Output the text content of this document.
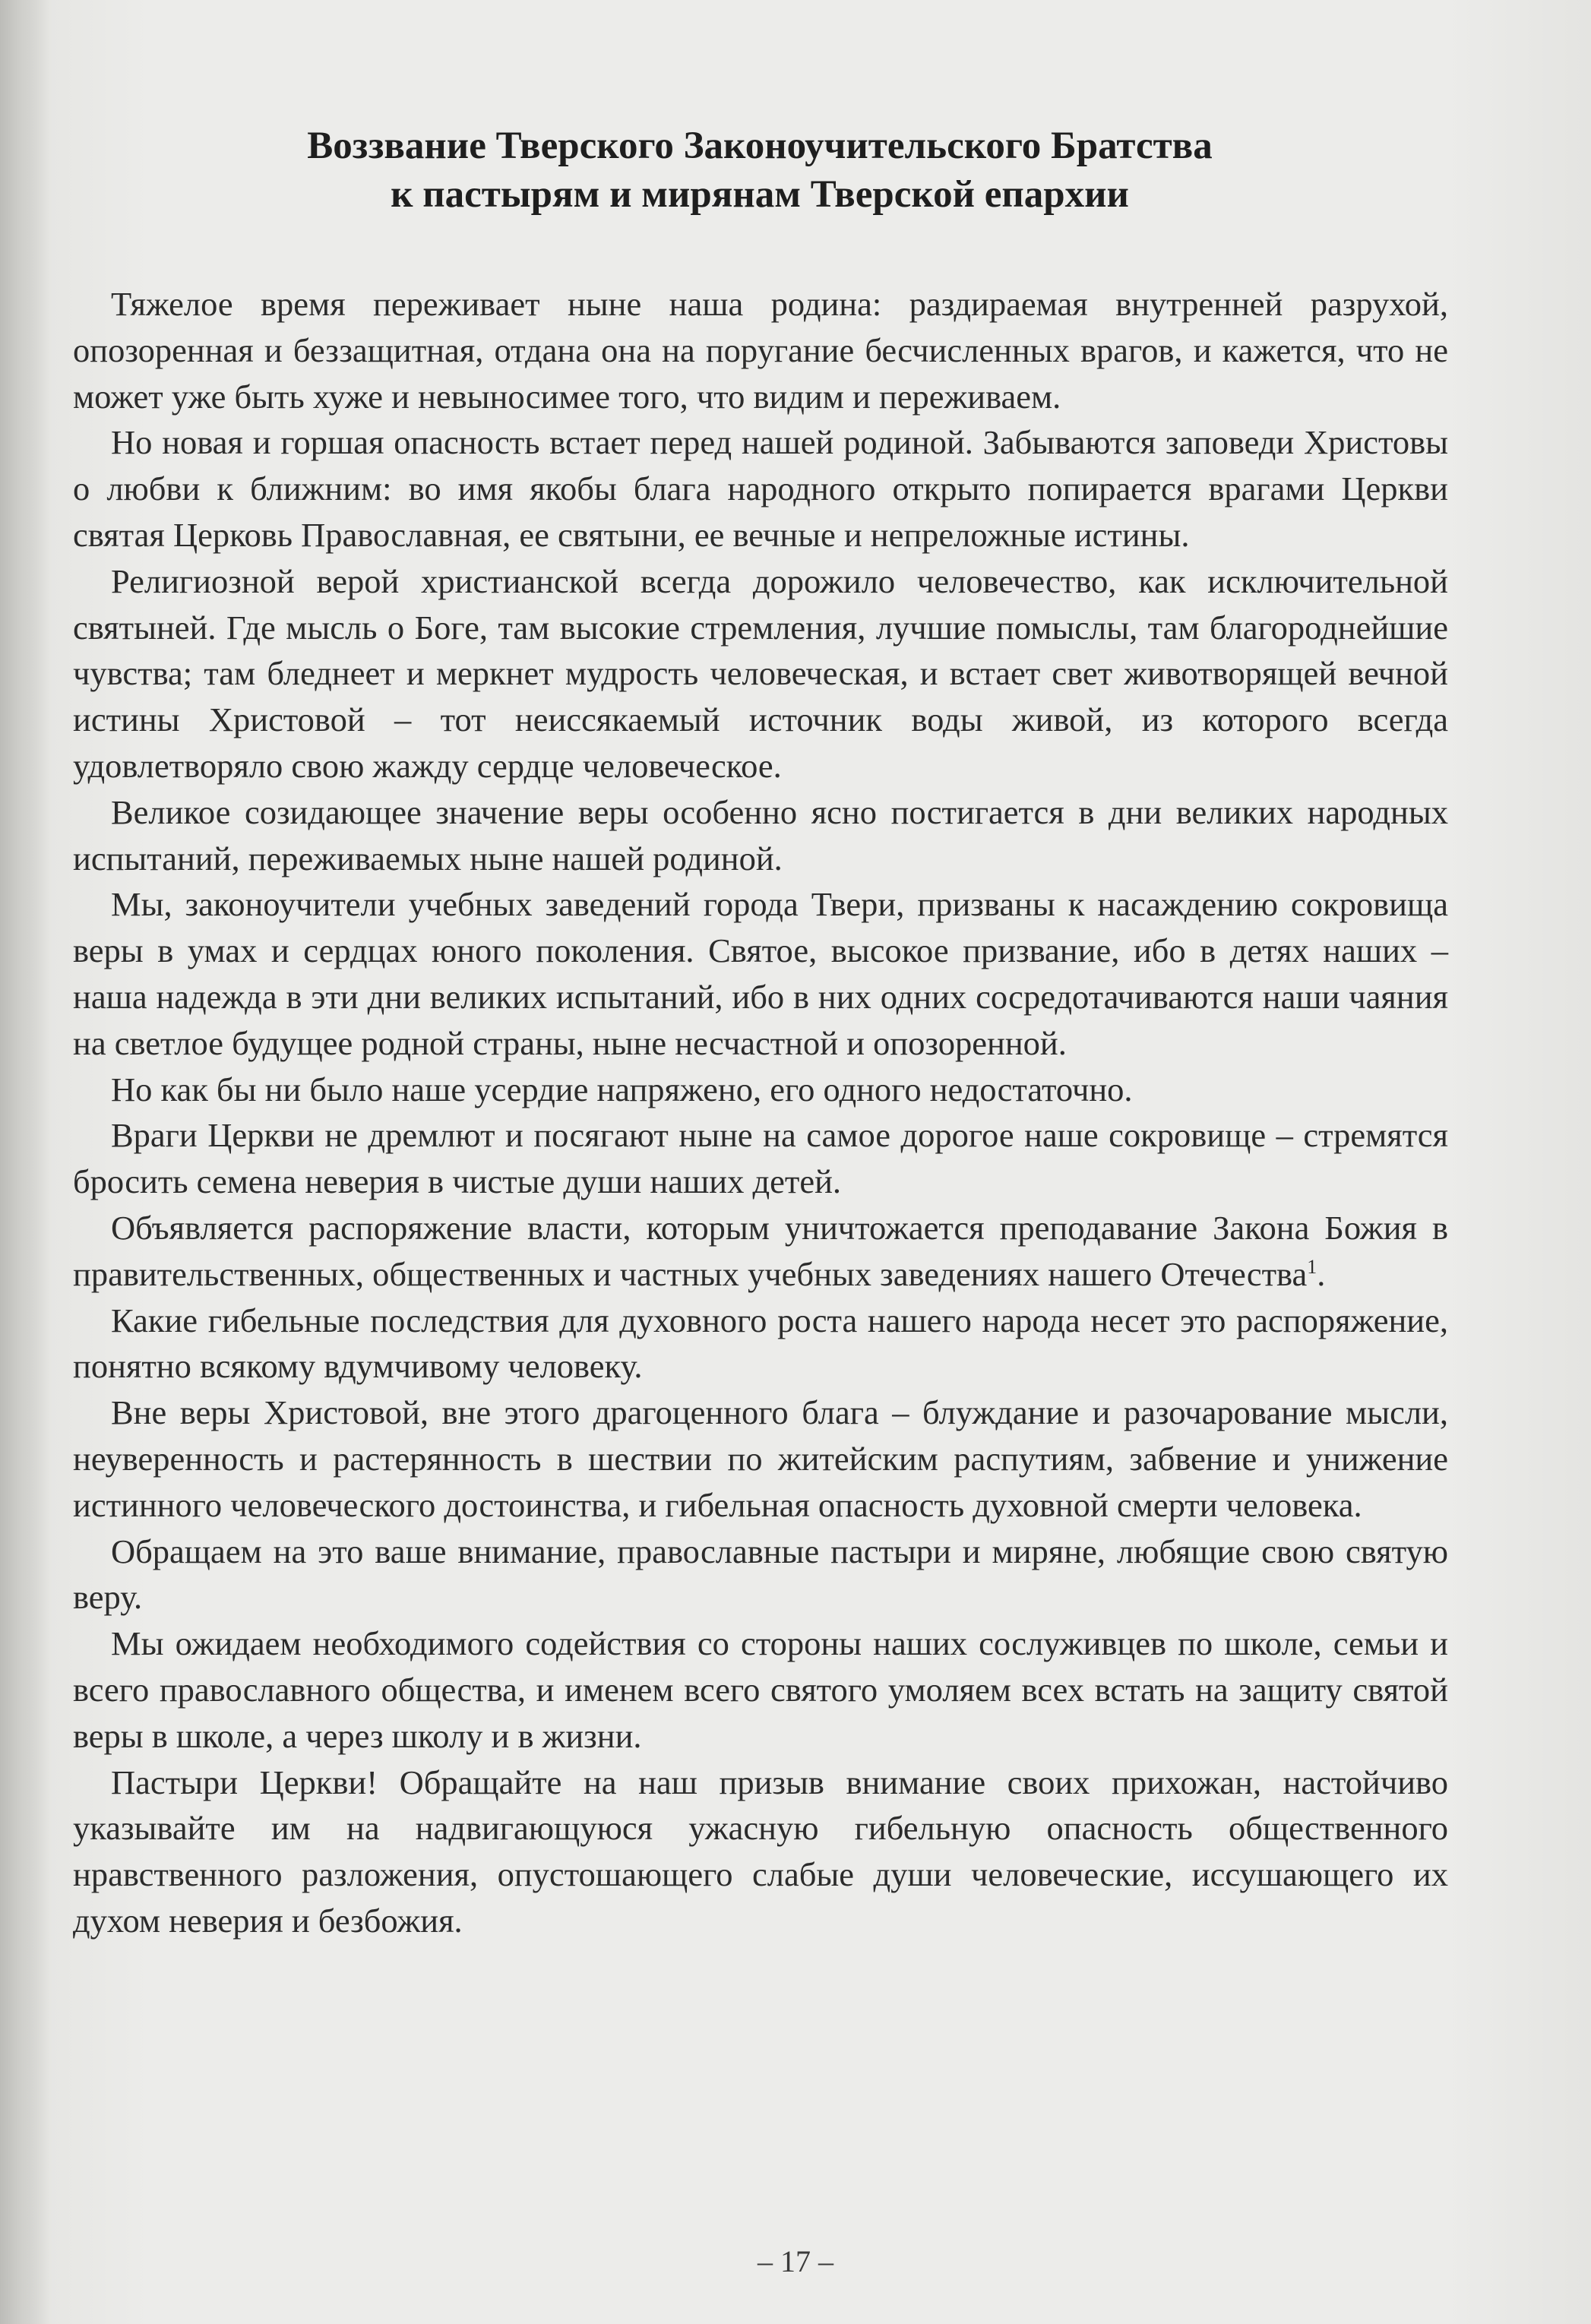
Воззвание Тверского Законоучительского Братства
к пастырям и мирянам Тверской епархии

Тяжелое время переживает ныне наша родина: раздираемая внутренней разрухой, опозоренная и беззащитная, отдана она на поругание бесчисленных врагов, и кажется, что не может уже быть хуже и невыносимее того, что видим и переживаем.

Но новая и горшая опасность встает перед нашей родиной. Забываются заповеди Христовы о любви к ближним: во имя якобы блага народного открыто попирается врагами Церкви святая Церковь Православная, ее святыни, ее вечные и непреложные истины.

Религиозной верой христианской всегда дорожило человечество, как исключительной святыней. Где мысль о Боге, там высокие стремления, лучшие помыслы, там благороднейшие чувства; там бледнеет и меркнет мудрость человеческая, и встает свет животворящей вечной истины Христовой – тот неиссякаемый источник воды живой, из которого всегда удовлетворяло свою жажду сердце человеческое.

Великое созидающее значение веры особенно ясно постигается в дни великих народных испытаний, переживаемых ныне нашей родиной.

Мы, законоучители учебных заведений города Твери, призваны к насаждению сокровища веры в умах и сердцах юного поколения. Святое, высокое призвание, ибо в детях наших – наша надежда в эти дни великих испытаний, ибо в них одних сосредотачиваются наши чаяния на светлое будущее родной страны, ныне несчастной и опозоренной.

Но как бы ни было наше усердие напряжено, его одного недостаточно.

Враги Церкви не дремлют и посягают ныне на самое дорогое наше сокровище – стремятся бросить семена неверия в чистые души наших детей.

Объявляется распоряжение власти, которым уничтожается преподавание Закона Божия в правительственных, общественных и частных учебных заведениях нашего Отечества$^1$.

Какие гибельные последствия для духовного роста нашего народа несет это распоряжение, понятно всякому вдумчивому человеку.

Вне веры Христовой, вне этого драгоценного блага – блуждание и разочарование мысли, неуверенность и растерянность в шествии по житейским распутиям, забвение и унижение истинного человеческого достоинства, и гибельная опасность духовной смерти человека.

Обращаем на это ваше внимание, православные пастыри и миряне, любящие свою святую веру.

Мы ожидаем необходимого содействия со стороны наших сослуживцев по школе, семьи и всего православного общества, и именем всего святого умоляем всех встать на защиту святой веры в школе, а через школу и в жизни.

Пастыри Церкви! Обращайте на наш призыв внимание своих прихожан, настойчиво указывайте им на надвигающуюся ужасную гибельную опасность общественного нравственного разложения, опустошающего слабые души человеческие, иссушающего их духом неверия и безбожия.

– 17 –
